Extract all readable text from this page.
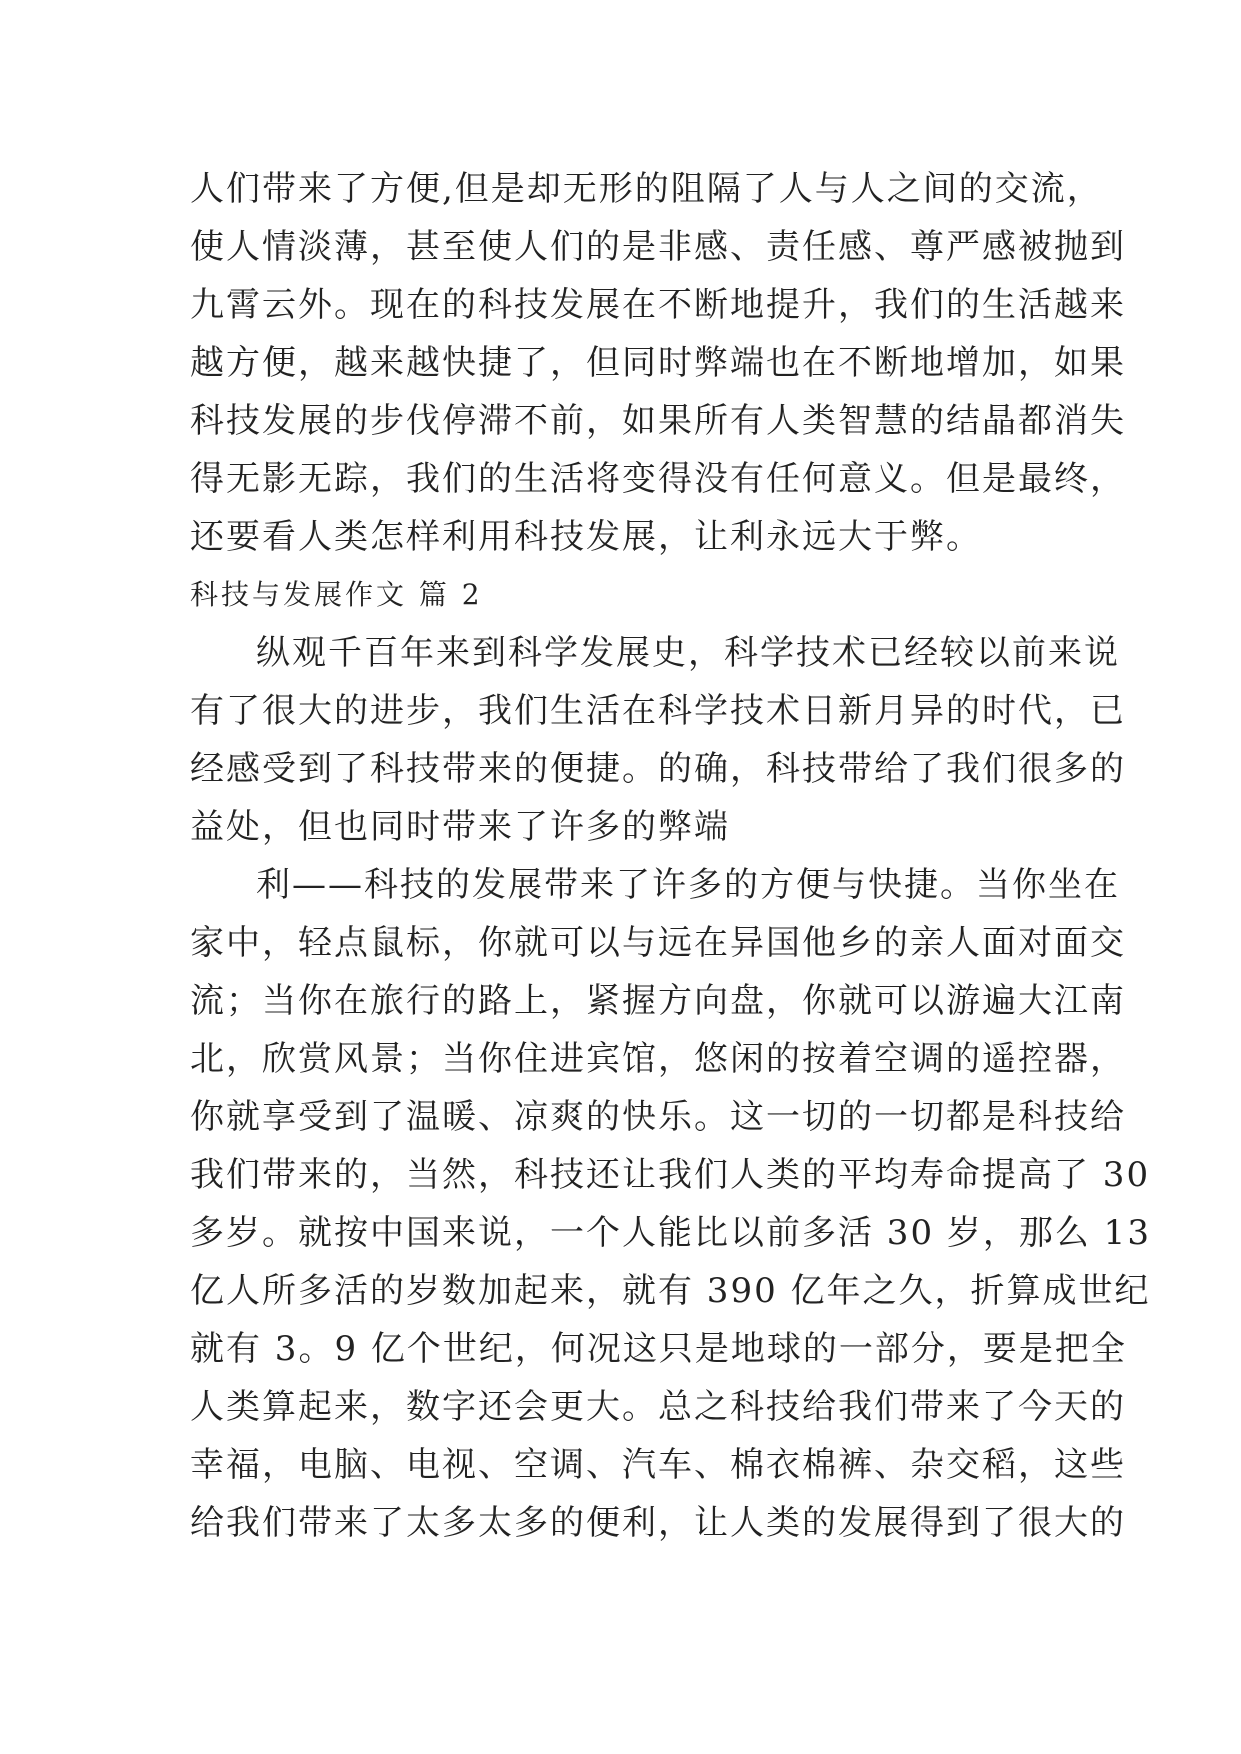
人们带来了方便,但是却无形的阻隔了人与人之间的交流，
使人情淡薄，甚至使人们的是非感、责任感、尊严感被抛到
九霄云外。现在的科技发展在不断地提升，我们的生活越来
越方便，越来越快捷了，但同时弊端也在不断地增加，如果
科技发展的步伐停滞不前，如果所有人类智慧的结晶都消失
得无影无踪，我们的生活将变得没有任何意义。但是最终，
还要看人类怎样利用科技发展，让利永远大于弊。
科技与发展作文 篇 2
纵观千百年来到科学发展史，科学技术已经较以前来说
有了很大的进步，我们生活在科学技术日新月异的时代，已
经感受到了科技带来的便捷。的确，科技带给了我们很多的
益处，但也同时带来了许多的弊端
利——科技的发展带来了许多的方便与快捷。当你坐在
家中，轻点鼠标，你就可以与远在异国他乡的亲人面对面交
流；当你在旅行的路上，紧握方向盘，你就可以游遍大江南
北，欣赏风景；当你住进宾馆，悠闲的按着空调的遥控器，
你就享受到了温暖、凉爽的快乐。这一切的一切都是科技给
我们带来的，当然，科技还让我们人类的平均寿命提高了 30
多岁。就按中国来说，一个人能比以前多活 30 岁，那么 13
亿人所多活的岁数加起来，就有 390 亿年之久，折算成世纪
就有 3。9 亿个世纪，何况这只是地球的一部分，要是把全
人类算起来，数字还会更大。总之科技给我们带来了今天的
幸福，电脑、电视、空调、汽车、棉衣棉裤、杂交稻，这些
给我们带来了太多太多的便利，让人类的发展得到了很大的
